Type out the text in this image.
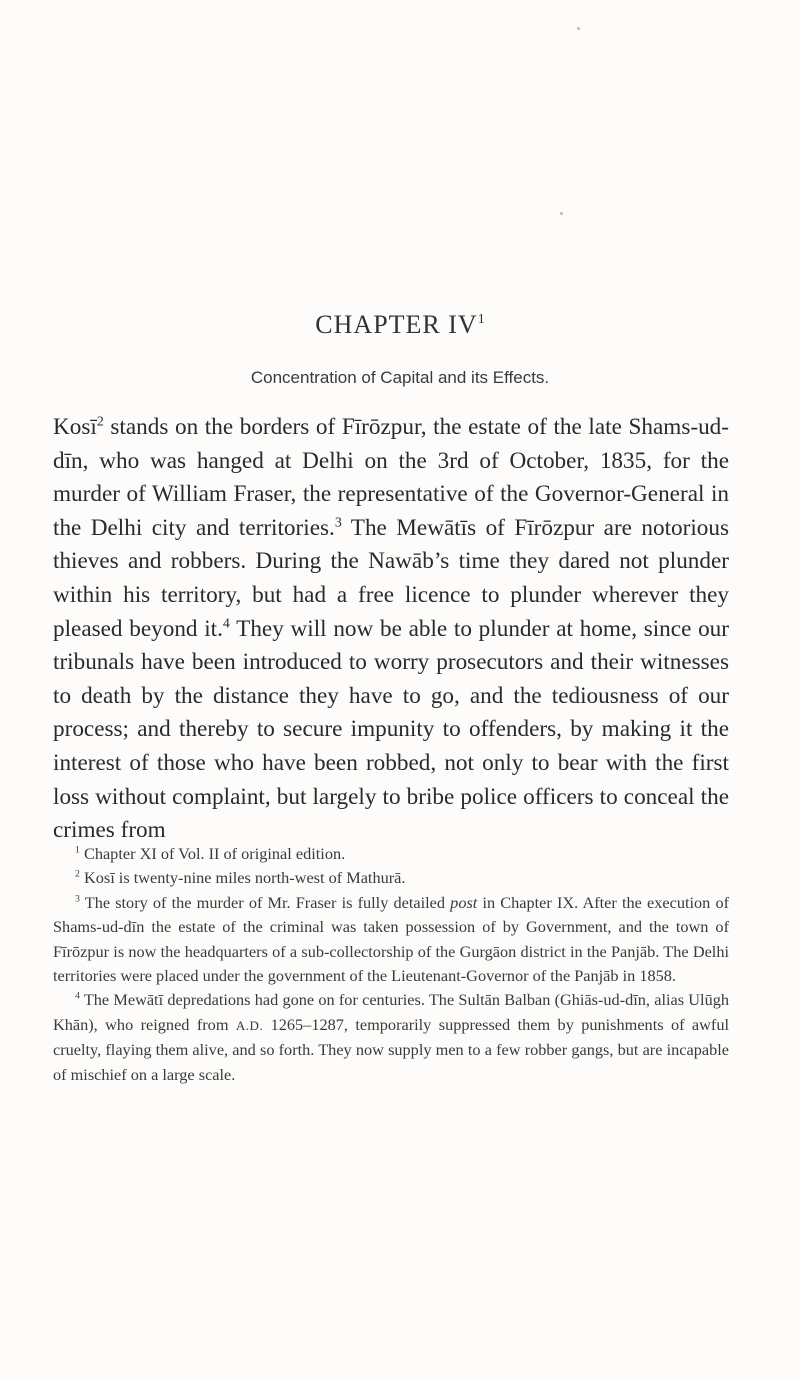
CHAPTER $IV^1$
Concentration of Capital and its Effects.

Kosī$^2$ stands on the borders of Fīrōzpur, the estate of the late Shams-ud-dīn, who was hanged at Delhi on the 3rd of October, 1835, for the murder of William Fraser, the representative of the Governor-General in the Delhi city and territories.$^3$ The Mewātīs of Fīrōzpur are notorious thieves and robbers. During the Nawāb’s time they dared not plunder within his territory, but had a free licence to plunder wherever they pleased beyond it.$^4$ They will now be able to plunder at home, since our tribunals have been introduced to worry prosecutors and their witnesses to death by the distance they have to go, and the tediousness of our process; and thereby to secure impunity to offenders, by making it the interest of those who have been robbed, not only to bear with the first loss without complaint, but largely to bribe police officers to conceal the crimes from

$^1$ Chapter XI of Vol. II of original edition.

$^2$ Kosī is twenty-nine miles north-west of Mathurā.

$^3$ The story of the murder of Mr. Fraser is fully detailed post in Chapter IX. After the execution of Shams-ud-dīn the estate of the criminal was taken possession of by Government, and the town of Fīrōzpur is now the headquarters of a sub-collectorship of the Gurgāon district in the Panjāb. The Delhi territories were placed under the government of the Lieutenant-Governor of the Panjāb in 1858.

$^4$ The Mewātī depredations had gone on for centuries. The Sultān Balban (Ghiās-ud-dīn, alias Ulūgh Khān), who reigned from A.D. 1265–1287, temporarily suppressed them by punishments of awful cruelty, flaying them alive, and so forth. They now supply men to a few robber gangs, but are incapable of mischief on a large scale.
